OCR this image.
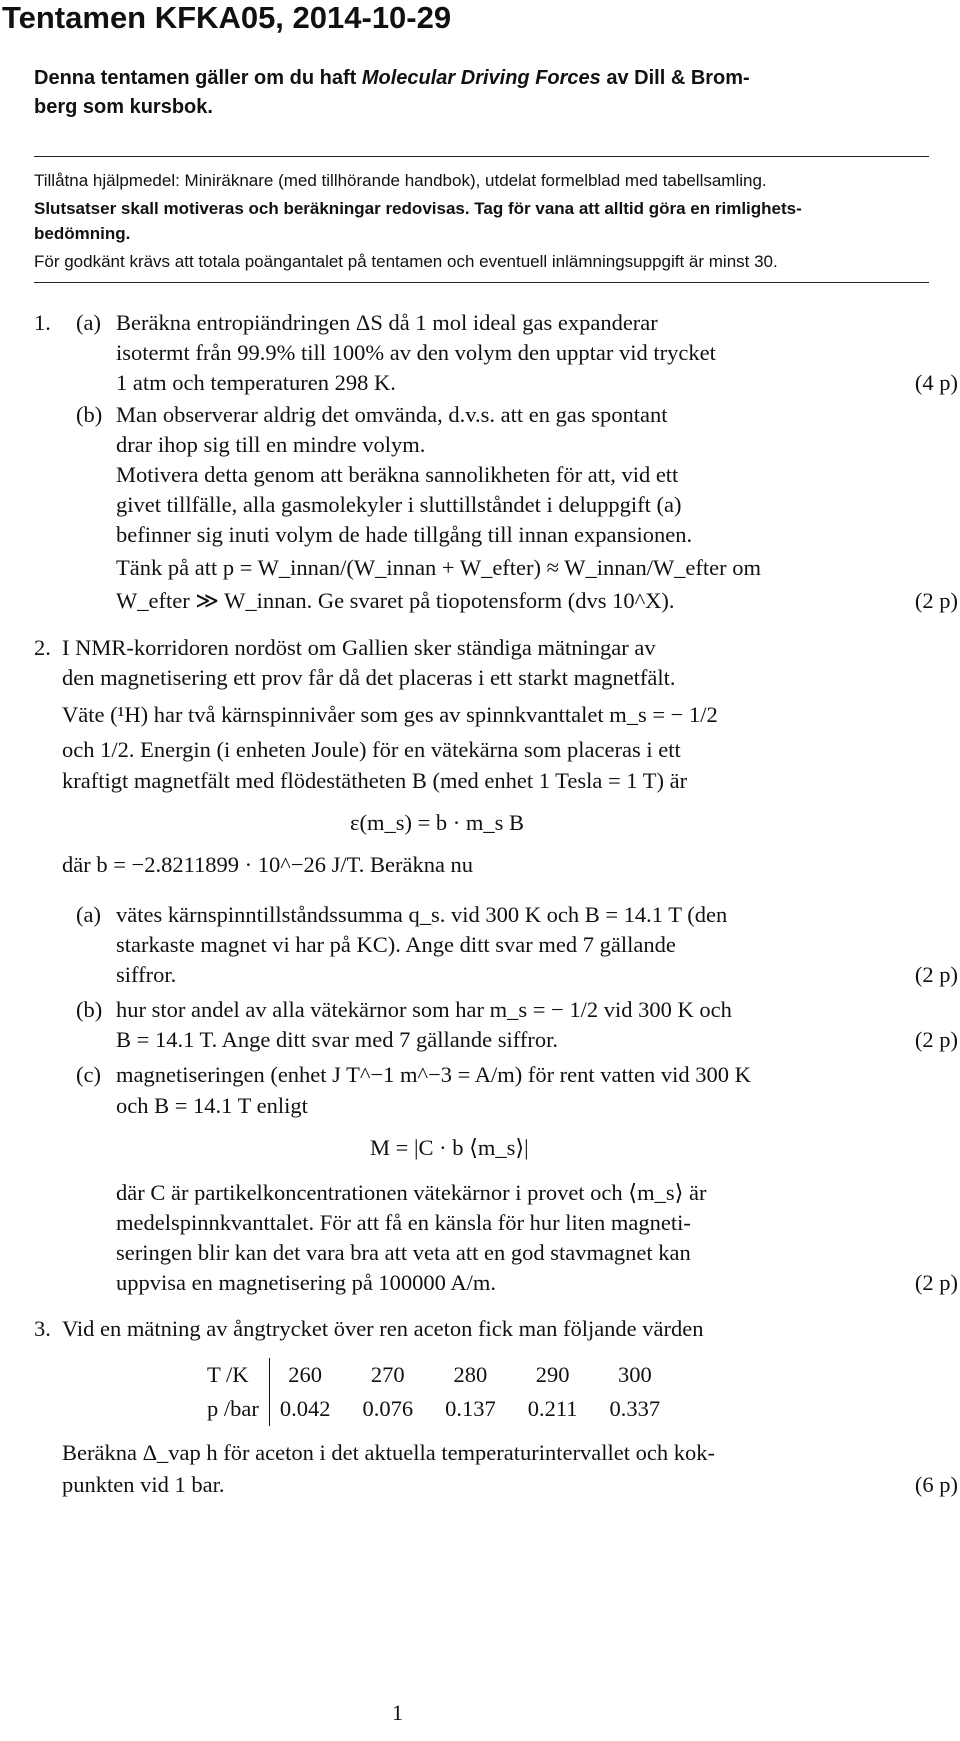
Tentamen KFKA05, 2014-10-29
Denna tentamen gäller om du haft Molecular Driving Forces av Dill & Brom-
berg som kursbok.
Tillåtna hjälpmedel: Miniräknare (med tillhörande handbok), utdelat formelblad med tabellsamling.
Slutsatser skall motiveras och beräkningar redovisas. Tag för vana att alltid göra en rimlighets-
bedömning.
För godkänt krävs att totala poängantalet på tentamen och eventuell inlämningsuppgift är minst 30.
1. (a) Beräkna entropiändringen ΔS då 1 mol ideal gas expanderar
isotermt från 99.9% till 100% av den volym den upptar vid trycket
1 atm och temperaturen 298 K.	(4 p)
(b) Man observerar aldrig det omvända, d.v.s. att en gas spontant
drar ihop sig till en mindre volym.
Motivera detta genom att beräkna sannolikheten för att, vid ett
givet tillfälle, alla gasmolekyler i sluttillståndet i deluppgift (a)
befinner sig inuti volym de hade tillgång till innan expansionen.
Tänk på att p = W_innan/(W_innan + W_efter) ≈ W_innan/W_efter om
W_efter ≫ W_innan. Ge svaret på tiopotensform (dvs 10^X).	(2 p)
2. I NMR-korridoren nordöst om Gallien sker ständiga mätningar av
den magnetisering ett prov får då det placeras i ett starkt magnetfält.
Väte (¹H) har två kärnspinnivåer som ges av spinnkvanttalet m_s = − 1/2
och 1/2. Energin (i enheten Joule) för en vätekärna som placeras i ett
kraftigt magnetfält med flödestätheten B (med enhet 1 Tesla = 1 T) är
ε(m_s) = b · m_s B
där b = −2.8211899 · 10^−26 J/T. Beräkna nu
(a) vätes kärnspinntillståndssumma q_s. vid 300 K och B = 14.1 T (den
starkaste magnet vi har på KC). Ange ditt svar med 7 gällande
siffror.	(2 p)
(b) hur stor andel av alla vätekärnor som har m_s = − 1/2 vid 300 K och
B = 14.1 T. Ange ditt svar med 7 gällande siffror.	(2 p)
(c) magnetiseringen (enhet J T^−1 m^−3 = A/m) för rent vatten vid 300 K
och B = 14.1 T enligt
M = |C · b ⟨m_s⟩|
där C är partikelkoncentrationen vätekärnor i provet och ⟨m_s⟩ är
medelspinnkvanttalet. För att få en känsla för hur liten magneti-
seringen blir kan det vara bra att veta att en god stavmagnet kan
uppvisa en magnetisering på 100000 A/m.	(2 p)
3. Vid en mätning av ångtrycket över ren aceton fick man följande värden
T /K	260	270	280	290	300
p /bar	0.042	0.076	0.137	0.211	0.337
Beräkna Δ_vap h för aceton i det aktuella temperaturintervallet och kok-
punkten vid 1 bar.	(6 p)
1
